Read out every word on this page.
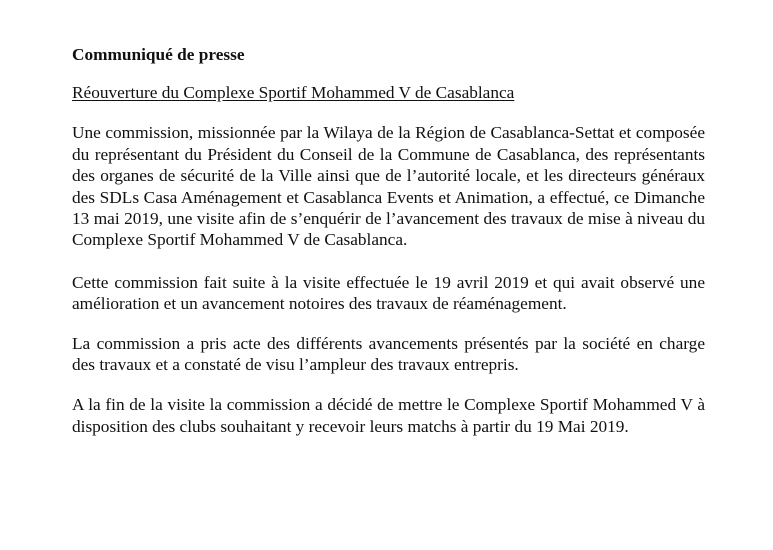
Communiqué de presse

Réouverture du Complexe Sportif Mohammed V de Casablanca

Une commission, missionnée par la Wilaya de la Région de Casablanca-Settat et composée du représentant du Président du Conseil de la Commune de Casablanca, des représentants des organes de sécurité de la Ville ainsi que de l’autorité locale, et les directeurs généraux des SDLs Casa Aménagement et Casablanca Events et Animation, a effectué, ce Dimanche 13 mai 2019, une visite afin de s’enquérir de l’avancement des travaux de mise à niveau du Complexe Sportif Mohammed V de Casablanca.

Cette commission fait suite à la visite effectuée le 19 avril 2019 et qui avait observé une amélioration et un avancement notoires des travaux de réaménagement.

La commission a pris acte des différents avancements présentés par la société en charge des travaux et a constaté de visu l’ampleur des travaux entrepris.

A la fin de la visite la commission a décidé de mettre le Complexe Sportif Mohammed V à disposition des clubs souhaitant y recevoir leurs matchs à partir du 19 Mai 2019.
